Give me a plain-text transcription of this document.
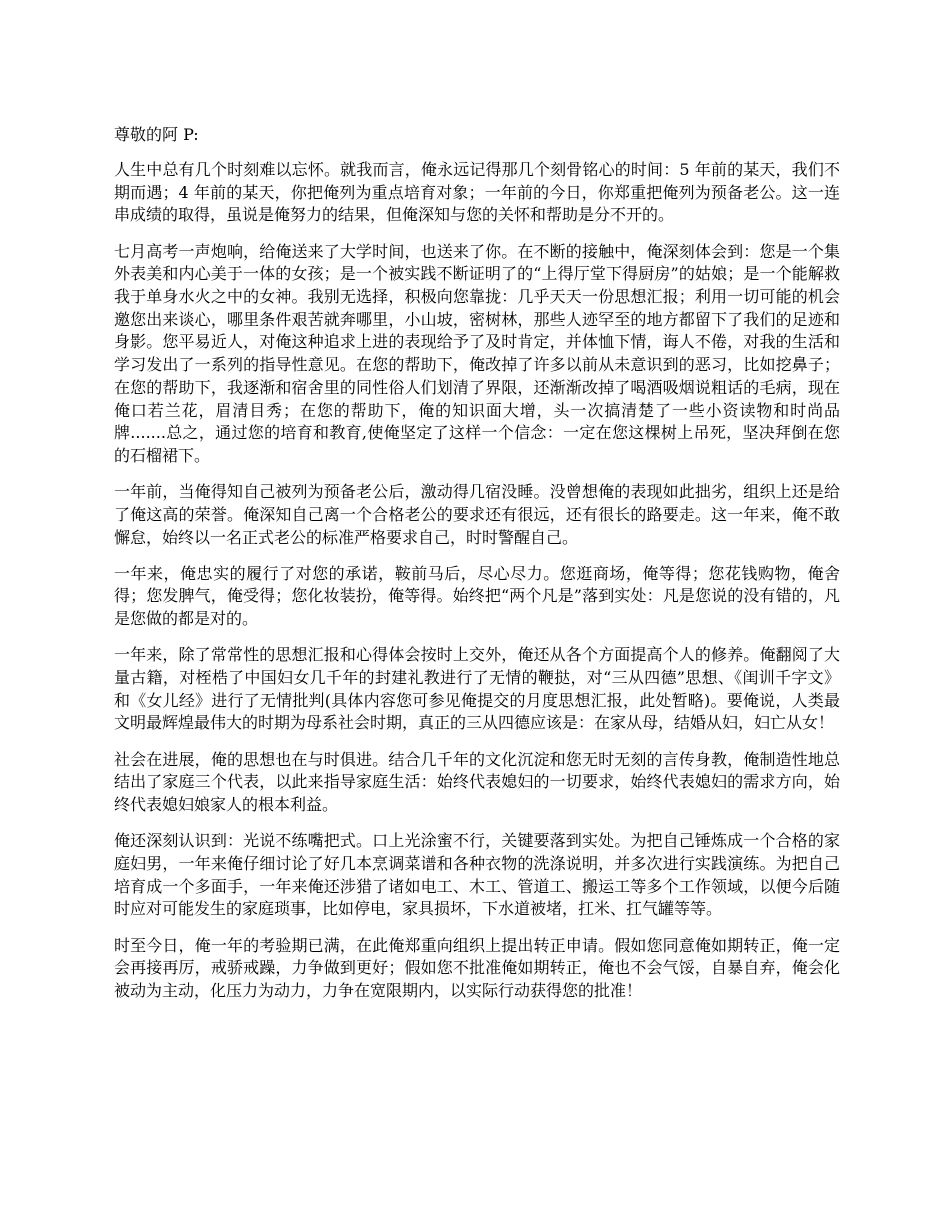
尊敬的阿 P:

人生中总有几个时刻难以忘怀。就我而言，俺永远记得那几个刻骨铭心的时间：5 年前的某天，我们不期而遇；4 年前的某天，你把俺列为重点培育对象；一年前的今日，你郑重把俺列为预备老公。这一连串成绩的取得，虽说是俺努力的结果，但俺深知与您的关怀和帮助是分不开的。

七月高考一声炮响，给俺送来了大学时间，也送来了你。在不断的接触中，俺深刻体会到：您是一个集外表美和内心美于一体的女孩；是一个被实践不断证明了的“上得厅堂下得厨房”的姑娘；是一个能解救我于单身水火之中的女神。我别无选择，积极向您靠拢：几乎天天一份思想汇报；利用一切可能的机会邀您出来谈心，哪里条件艰苦就奔哪里，小山坡，密树林，那些人迹罕至的地方都留下了我们的足迹和身影。您平易近人，对俺这种追求上进的表现给予了及时肯定，并体恤下情，诲人不倦，对我的生活和学习发出了一系列的指导性意见。在您的帮助下，俺改掉了许多以前从未意识到的恶习，比如挖鼻子；在您的帮助下，我逐渐和宿舍里的同性俗人们划清了界限，还渐渐改掉了喝酒吸烟说粗话的毛病，现在俺口若兰花，眉清目秀；在您的帮助下，俺的知识面大增，头一次搞清楚了一些小资读物和时尚品牌.......总之，通过您的培育和教育,使俺坚定了这样一个信念：一定在您这棵树上吊死，坚决拜倒在您的石榴裙下。

一年前，当俺得知自己被列为预备老公后，激动得几宿没睡。没曾想俺的表现如此拙劣，组织上还是给了俺这高的荣誉。俺深知自己离一个合格老公的要求还有很远，还有很长的路要走。这一年来，俺不敢懈怠，始终以一名正式老公的标准严格要求自己，时时警醒自己。

一年来，俺忠实的履行了对您的承诺，鞍前马后，尽心尽力。您逛商场，俺等得；您花钱购物，俺舍得；您发脾气，俺受得；您化妆装扮，俺等得。始终把“两个凡是”落到实处：凡是您说的没有错的，凡是您做的都是对的。

一年来，除了常常性的思想汇报和心得体会按时上交外，俺还从各个方面提高个人的修养。俺翻阅了大量古籍，对桎梏了中国妇女几千年的封建礼教进行了无情的鞭挞，对“三从四德”思想、《闺训千字文》和《女儿经》进行了无情批判(具体内容您可参见俺提交的月度思想汇报，此处暂略)。要俺说，人类最文明最辉煌最伟大的时期为母系社会时期，真正的三从四德应该是：在家从母，结婚从妇，妇亡从女！

社会在进展，俺的思想也在与时俱进。结合几千年的文化沉淀和您无时无刻的言传身教，俺制造性地总结出了家庭三个代表，以此来指导家庭生活：始终代表媳妇的一切要求，始终代表媳妇的需求方向，始终代表媳妇娘家人的根本利益。

俺还深刻认识到：光说不练嘴把式。口上光涂蜜不行，关键要落到实处。为把自己锤炼成一个合格的家庭妇男，一年来俺仔细讨论了好几本烹调菜谱和各种衣物的洗涤说明，并多次进行实践演练。为把自己培育成一个多面手，一年来俺还涉猎了诸如电工、木工、管道工、搬运工等多个工作领域，以便今后随时应对可能发生的家庭琐事，比如停电，家具损坏，下水道被堵，扛米、扛气罐等等。

时至今日，俺一年的考验期已满，在此俺郑重向组织上提出转正申请。假如您同意俺如期转正，俺一定会再接再厉，戒骄戒躁，力争做到更好；假如您不批准俺如期转正，俺也不会气馁，自暴自弃，俺会化被动为主动，化压力为动力，力争在宽限期内，以实际行动获得您的批准！
